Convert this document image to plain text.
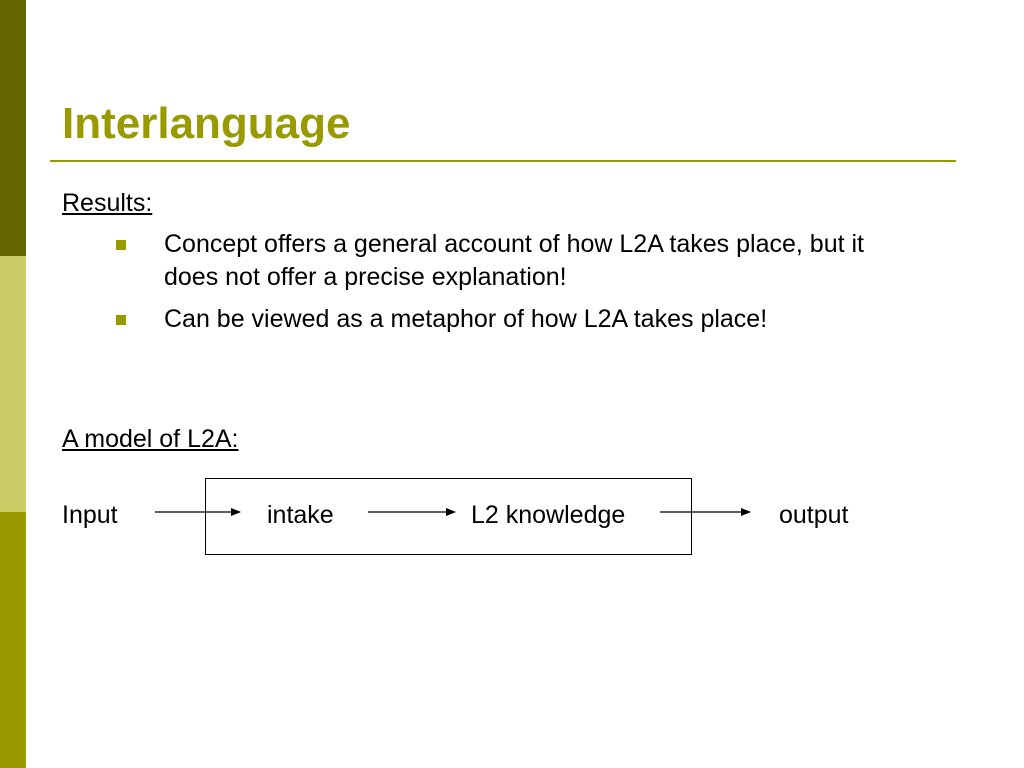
Interlanguage
Results:
Concept offers a general account of how L2A takes place, but it
does not offer a precise explanation!
Can be viewed as a metaphor of how L2A takes place!
A model of L2A:
Input	intake	L2 knowledge	output
